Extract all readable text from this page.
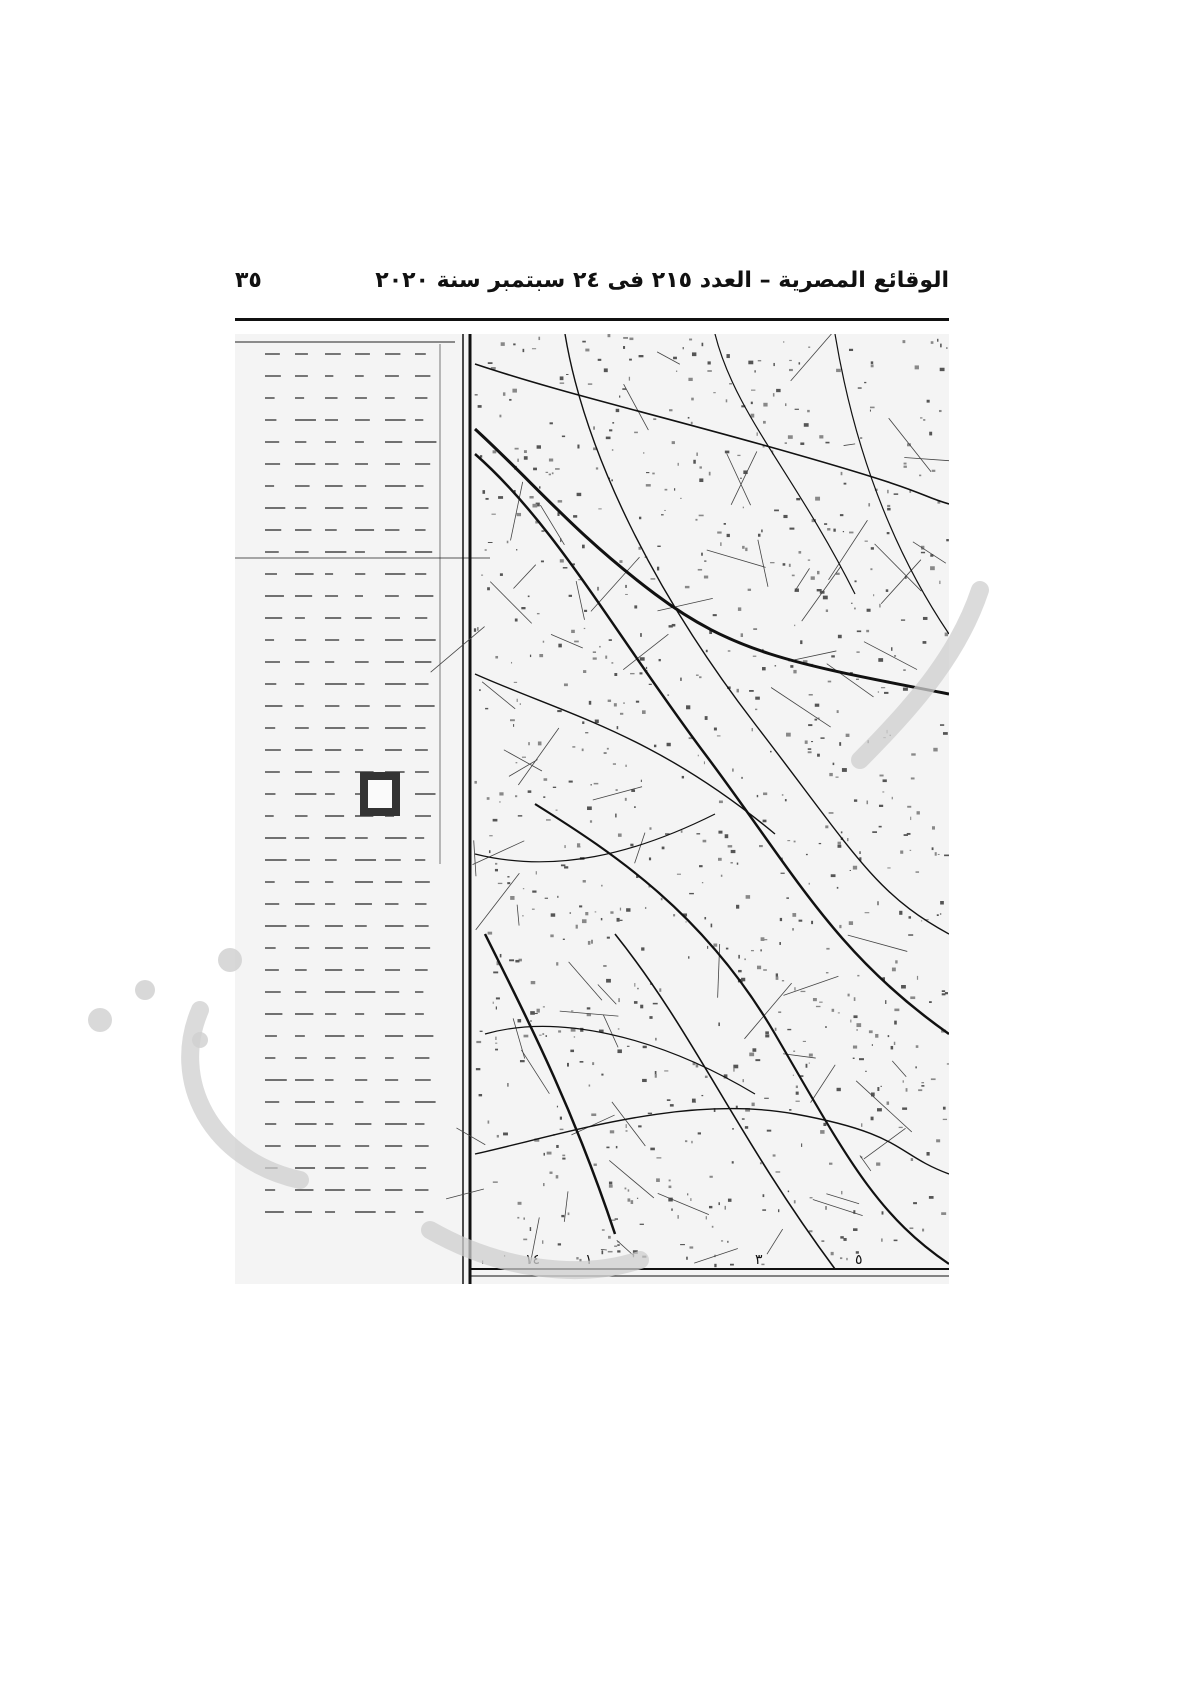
الوقائع المصرية – العدد ٢١٥ فى ٢٤ سبتمبر سنة ٢٠٢٠
٣٥
١٤	١	٣	٥
